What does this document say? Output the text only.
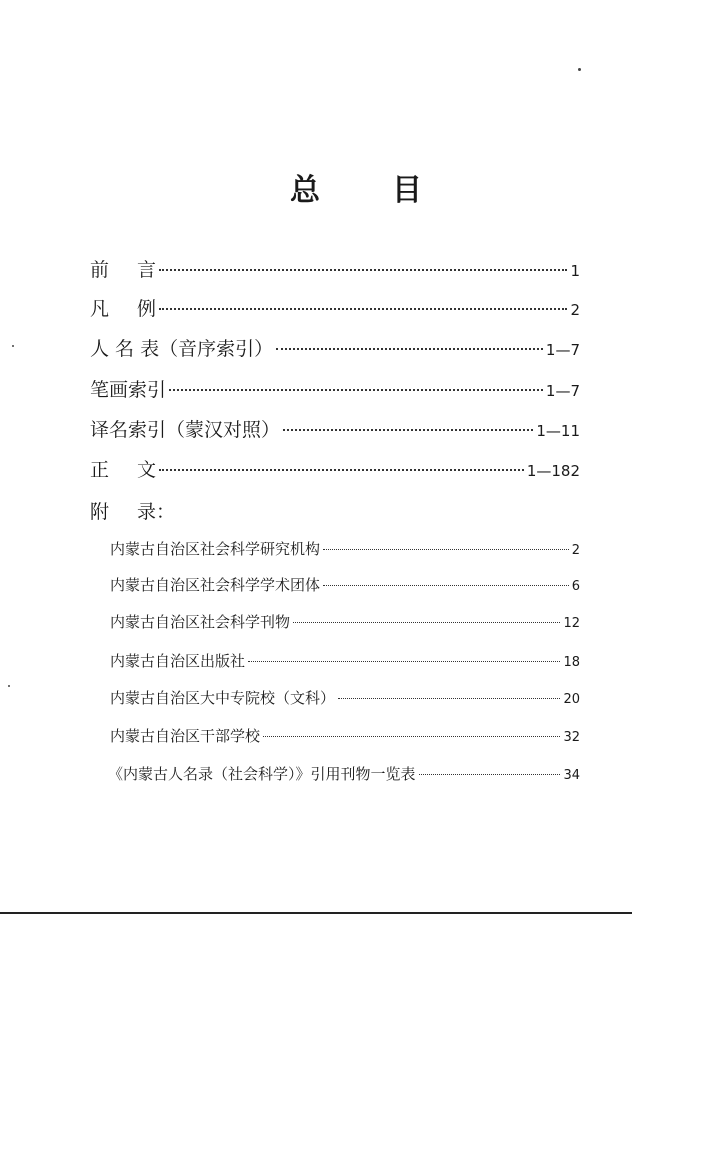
总 目
前 言	1
凡 例	2
人 名 表（音序索引）	1—7
笔画索引	1—7
译名索引（蒙汉对照）	1—11
正 文	1—182
附 录：
内蒙古自治区社会科学研究机构	2
内蒙古自治区社会科学学术团体	6
内蒙古自治区社会科学刊物	12
内蒙古自治区出版社	18
内蒙古自治区大中专院校（文科）	20
内蒙古自治区干部学校	32
《内蒙古人名录（社会科学）》引用刊物一览表	34
